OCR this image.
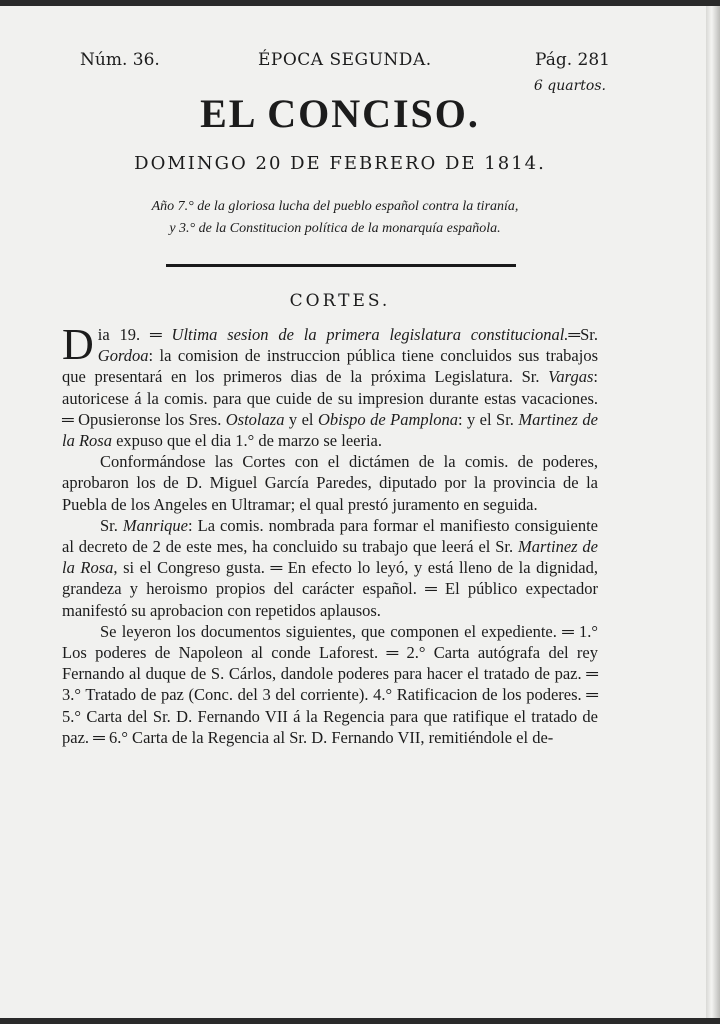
Núm. 36.	ÉPOCA SEGUNDA.	Pág. 281
6 quartos.
EL CONCISO.
DOMINGO 20 DE FEBRERO DE 1814.
Año 7.° de la gloriosa lucha del pueblo español contra la tiranía,
y 3.° de la Constitucion política de la monarquía española.
CORTES.

Dia 19. ═ Ultima sesion de la primera legislatura constitucional.═Sr. Gordoa: la comision de instruccion pública tiene concluidos sus trabajos que presentará en los primeros dias de la próxima Legislatura. Sr. Vargas: autoricese á la comis. para que cuide de su impresion durante estas vacaciones. ═ Opusieronse los Sres. Ostolaza y el Obispo de Pamplona: y el Sr. Martinez de la Rosa expuso que el dia 1.° de marzo se leeria.

Conformándose las Cortes con el dictámen de la comis. de poderes, aprobaron los de D. Miguel García Paredes, diputado por la provincia de la Puebla de los Angeles en Ultramar; el qual prestó juramento en seguida.

Sr. Manrique: La comis. nombrada para formar el manifiesto consiguiente al decreto de 2 de este mes, ha concluido su trabajo que leerá el Sr. Martinez de la Rosa, si el Congreso gusta. ═ En efecto lo leyó, y está lleno de la dignidad, grandeza y heroismo propios del carácter español. ═ El público expectador manifestó su aprobacion con repetidos aplausos.

Se leyeron los documentos siguientes, que componen el expediente. ═ 1.° Los poderes de Napoleon al conde Laforest. ═ 2.° Carta autógrafa del rey Fernando al duque de S. Cárlos, dandole poderes para hacer el tratado de paz. ═ 3.° Tratado de paz (Conc. del 3 del corriente). 4.° Ratificacion de los poderes. ═ 5.° Carta del Sr. D. Fernando VII á la Regencia para que ratifique el tratado de paz. ═ 6.° Carta de la Regencia al Sr. D. Fernando VII, remitiéndole el de-
